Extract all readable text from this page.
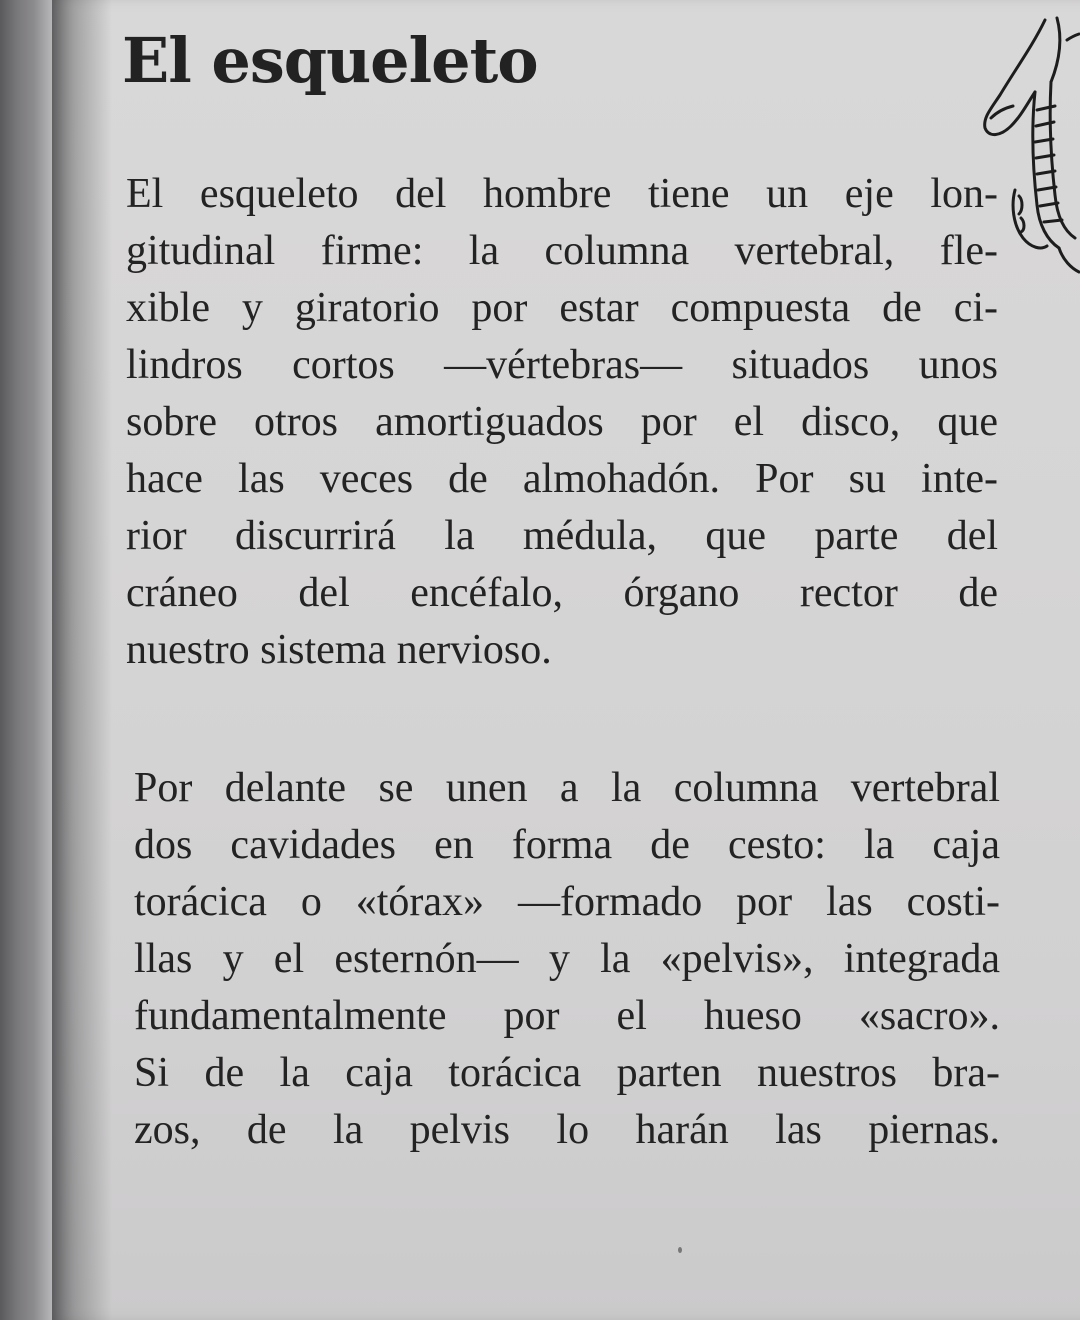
El esqueleto
El esqueleto del hombre tiene un eje lon-
gitudinal firme: la columna vertebral, fle-
xible y giratorio por estar compuesta de ci-
lindros cortos —vértebras— situados unos
sobre otros amortiguados por el disco, que
hace las veces de almohadón. Por su inte-
rior discurrirá la médula, que parte del
cráneo del encéfalo, órgano rector de
nuestro sistema nervioso.
Por delante se unen a la columna vertebral
dos cavidades en forma de cesto: la caja
torácica o «tórax» —formado por las costi-
llas y el esternón— y la «pelvis», integrada
fundamentalmente por el hueso «sacro».
Si de la caja torácica parten nuestros bra-
zos, de la pelvis lo harán las piernas.
